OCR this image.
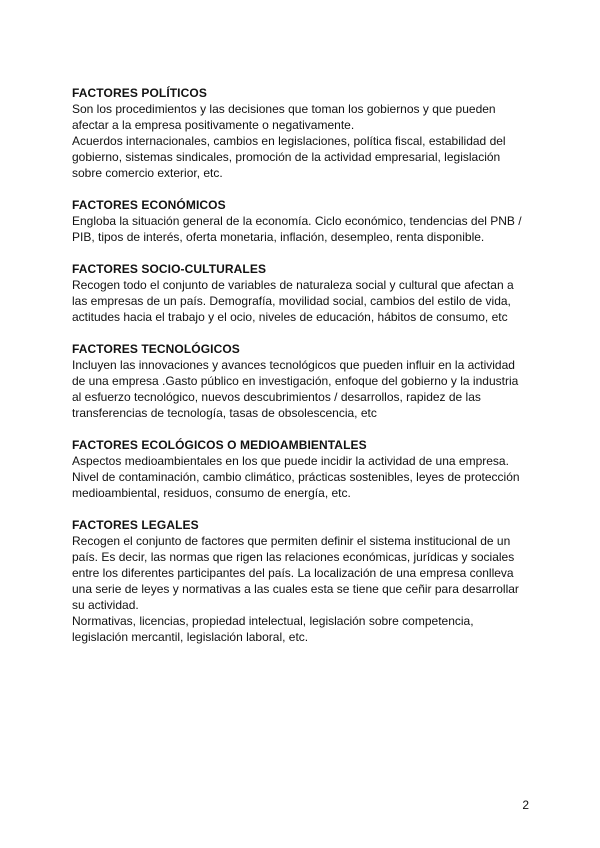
FACTORES POLÍTICOS

Son los procedimientos y las decisiones que toman los gobiernos y que pueden
afectar a la empresa positivamente o negativamente.

Acuerdos internacionales, cambios en legislaciones, política fiscal, estabilidad del
gobierno, sistemas sindicales, promoción de la actividad empresarial, legislación
sobre comercio exterior, etc.

FACTORES ECONÓMICOS

Engloba la situación general de la economía. Ciclo económico, tendencias del PNB /
PIB, tipos de interés, oferta monetaria, inflación, desempleo, renta disponible.

FACTORES SOCIO-CULTURALES

Recogen todo el conjunto de variables de naturaleza social y cultural que afectan a
las empresas de un país. Demografía, movilidad social, cambios del estilo de vida,
actitudes hacia el trabajo y el ocio, niveles de educación, hábitos de consumo, etc

FACTORES TECNOLÓGICOS

Incluyen las innovaciones y avances tecnológicos que pueden influir en la actividad
de una empresa .Gasto público en investigación, enfoque del gobierno y la industria
al esfuerzo tecnológico, nuevos descubrimientos / desarrollos, rapidez de las
transferencias de tecnología, tasas de obsolescencia, etc

FACTORES ECOLÓGICOS O MEDIOAMBIENTALES

Aspectos medioambientales en los que puede incidir la actividad de una empresa.
Nivel de contaminación, cambio climático, prácticas sostenibles, leyes de protección
medioambiental, residuos, consumo de energía, etc.

FACTORES LEGALES

Recogen el conjunto de factores que permiten definir el sistema institucional de un
país. Es decir, las normas que rigen las relaciones económicas, jurídicas y sociales
entre los diferentes participantes del país. La localización de una empresa conlleva
una serie de leyes y normativas a las cuales esta se tiene que ceñir para desarrollar
su actividad.

Normativas, licencias, propiedad intelectual, legislación sobre competencia,
legislación mercantil, legislación laboral, etc.

2
